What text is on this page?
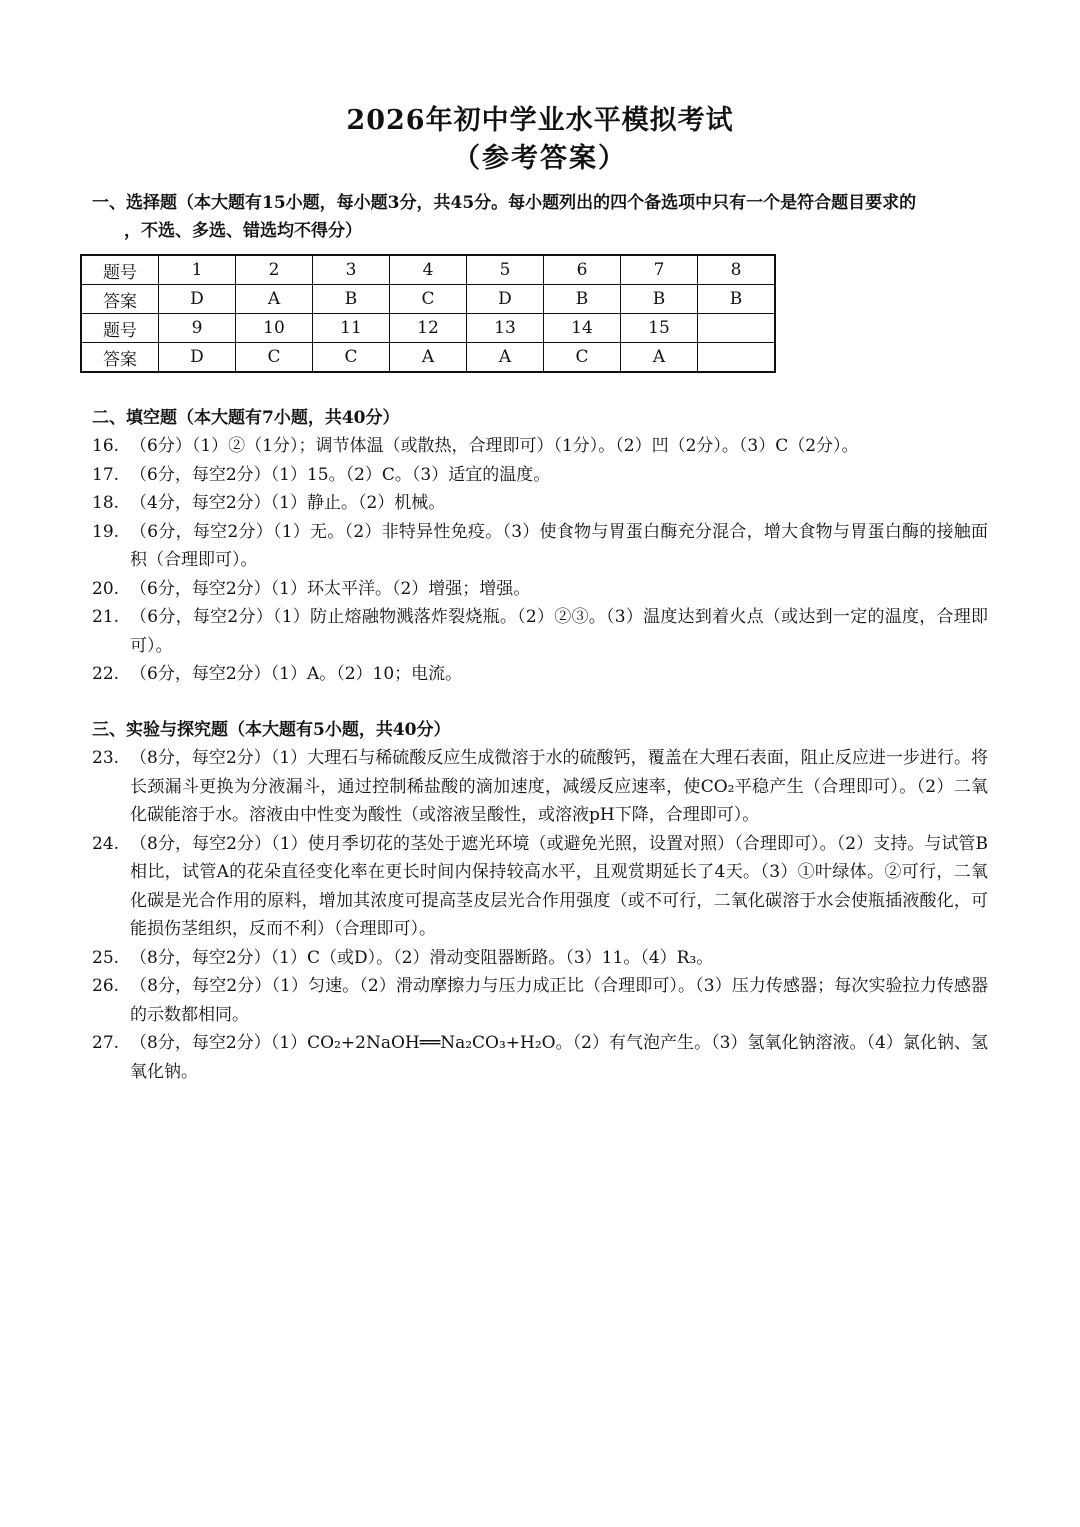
2026年初中学业水平模拟考试
（参考答案）
一、选择题（本大题有15小题，每小题3分，共45分。每小题列出的四个备选项中只有一个是符合题目要求的
，不选、多选、错选均不得分）
题号	1	2	3	4	5	6	7	8
答案	D	A	B	C	D	B	B	B
题号	9	10	11	12	13	14	15	
答案	D	C	C	A	A	C	A	
二、填空题（本大题有7小题，共40分）
16. （6分）（1）②（1分）；调节体温（或散热，合理即可）（1分）。（2）凹（2分）。（3）C（2分）。
17. （6分，每空2分）（1）15。（2）C。（3）适宜的温度。
18. （4分，每空2分）（1）静止。（2）机械。
19. （6分，每空2分）（1）无。（2）非特异性免疫。（3）使食物与胃蛋白酶充分混合，增大食物与胃蛋白酶的接触面积（合理即可）。
20. （6分，每空2分）（1）环太平洋。（2）增强；增强。
21. （6分，每空2分）（1）防止熔融物溅落炸裂烧瓶。（2）②③。（3）温度达到着火点（或达到一定的温度，合理即可）。
22. （6分，每空2分）（1）A。（2）10；电流。
三、实验与探究题（本大题有5小题，共40分）
23. （8分，每空2分）（1）大理石与稀硫酸反应生成微溶于水的硫酸钙，覆盖在大理石表面，阻止反应进一步进行。将长颈漏斗更换为分液漏斗，通过控制稀盐酸的滴加速度，减缓反应速率，使CO₂平稳产生（合理即可）。（2）二氧化碳能溶于水。溶液由中性变为酸性（或溶液呈酸性，或溶液pH下降，合理即可）。
24. （8分，每空2分）（1）使月季切花的茎处于遮光环境（或避免光照，设置对照）（合理即可）。（2）支持。与试管B相比，试管A的花朵直径变化率在更长时间内保持较高水平，且观赏期延长了4天。（3）①叶绿体。②可行，二氧化碳是光合作用的原料，增加其浓度可提高茎皮层光合作用强度（或不可行，二氧化碳溶于水会使瓶插液酸化，可能损伤茎组织，反而不利）（合理即可）。
25. （8分，每空2分）（1）C（或D）。（2）滑动变阻器断路。（3）11。（4）R₃。
26. （8分，每空2分）（1）匀速。（2）滑动摩擦力与压力成正比（合理即可）。（3）压力传感器；每次实验拉力传感器的示数都相同。
27. （8分，每空2分）（1）CO₂+2NaOH══Na₂CO₃+H₂O。（2）有气泡产生。（3）氢氧化钠溶液。（4）氯化钠、氢氧化钠。
